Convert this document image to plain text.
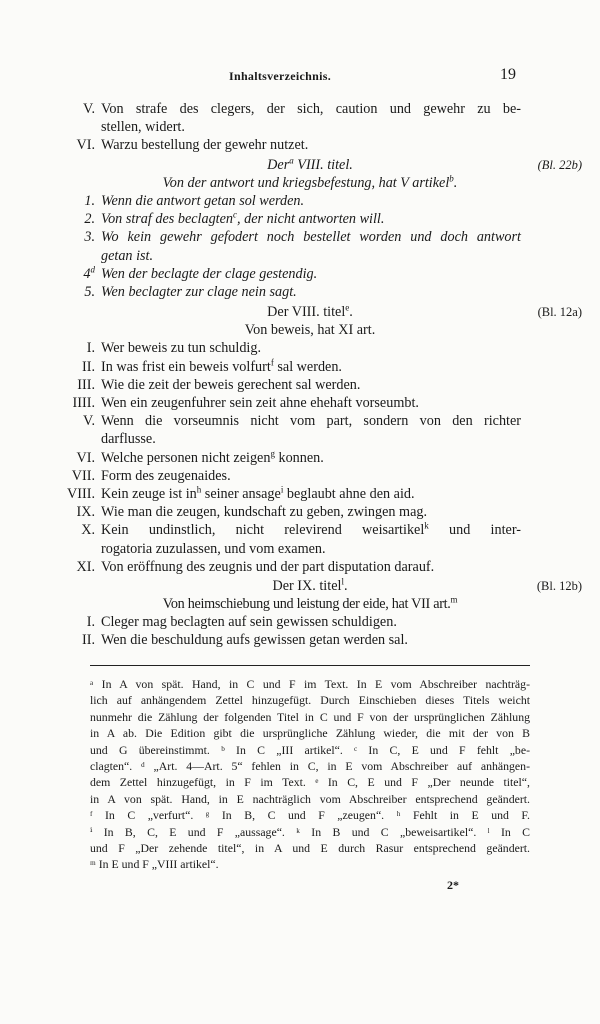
Inhaltsverzeichnis.	19
V. Von strafe des clegers, der sich, caution und gewehr zu be-
stellen, widert.
VI. Warzu bestellung der gewehr nutzet.
Der$^a$ VIII. titel.	(Bl. 22b)
Von der antwort und kriegsbefestung, hat V artikel$^b$.
1. Wenn die antwort getan sol werden.
2. Von straf des beclagten$^c$, der nicht antworten will.
3. Wo kein gewehr gefodert noch bestellet worden und doch antwort
getan ist.
4$^d$ Wen der beclagte der clage gestendig.
5. Wen beclagter zur clage nein sagt.
Der VIII. titel$^e$.	(Bl. 12a)
Von beweis, hat XI art.
I. Wer beweis zu tun schuldig.
II. In was frist ein beweis volfurt$^f$ sal werden.
III. Wie die zeit der beweis gerechent sal werden.
IIII. Wen ein zeugenfuhrer sein zeit ahne ehehaft vorseumbt.
V. Wenn die vorseumnis nicht vom part, sondern von den richter
darflusse.
VI. Welche personen nicht zeigen$^g$ konnen.
VII. Form des zeugenaides.
VIII. Kein zeuge ist $in^h$ seiner ansage$^i$ beglaubt ahne den aid.
IX. Wie man die zeugen, kundschaft zu geben, zwingen mag.
X. Kein undinstlich, nicht relevirend weisartikel$^k$ und inter-
rogatoria zuzulassen, und vom examen.
XI. Von eröffnung des zeugnis und der part disputation darauf.
Der IX. titel$^l$.	(Bl. 12b)
Von heimschiebung und leistung der eide, hat VII art.$^m$
I. Cleger mag beclagten auf sein gewissen schuldigen.
II. Wen die beschuldung aufs gewissen getan werden sal.
ᵃ In A von spät. Hand, in C und F im Text. In E vom Abschreiber nachträg-
lich auf anhängendem Zettel hinzugefügt. Durch Einschieben dieses Titels weicht
nunmehr die Zählung der folgenden Titel in C und F von der ursprünglichen Zählung
in A ab. Die Edition gibt die ursprüngliche Zählung wieder, die mit der von B
und G übereinstimmt. ᵇ In C „III artikel“. ᶜ In C, E und F fehlt „be-
clagten“. ᵈ „Art. 4—Art. 5“ fehlen in C, in E vom Abschreiber auf anhängen-
dem Zettel hinzugefügt, in F im Text. ᵉ In C, E und F „Der neunde titel“,
in A von spät. Hand, in E nachträglich vom Abschreiber entsprechend geändert.
ᶠ In C „verfurt“. ᵍ In B, C und F „zeugen“. ʰ Fehlt in E und F.
ⁱ In B, C, E und F „aussage“. ᵏ In B und C „beweisartikel“. ˡ In C
und F „Der zehende titel“, in A und E durch Rasur entsprechend geändert.
ᵐ In E und F „VIII artikel“.
2*
